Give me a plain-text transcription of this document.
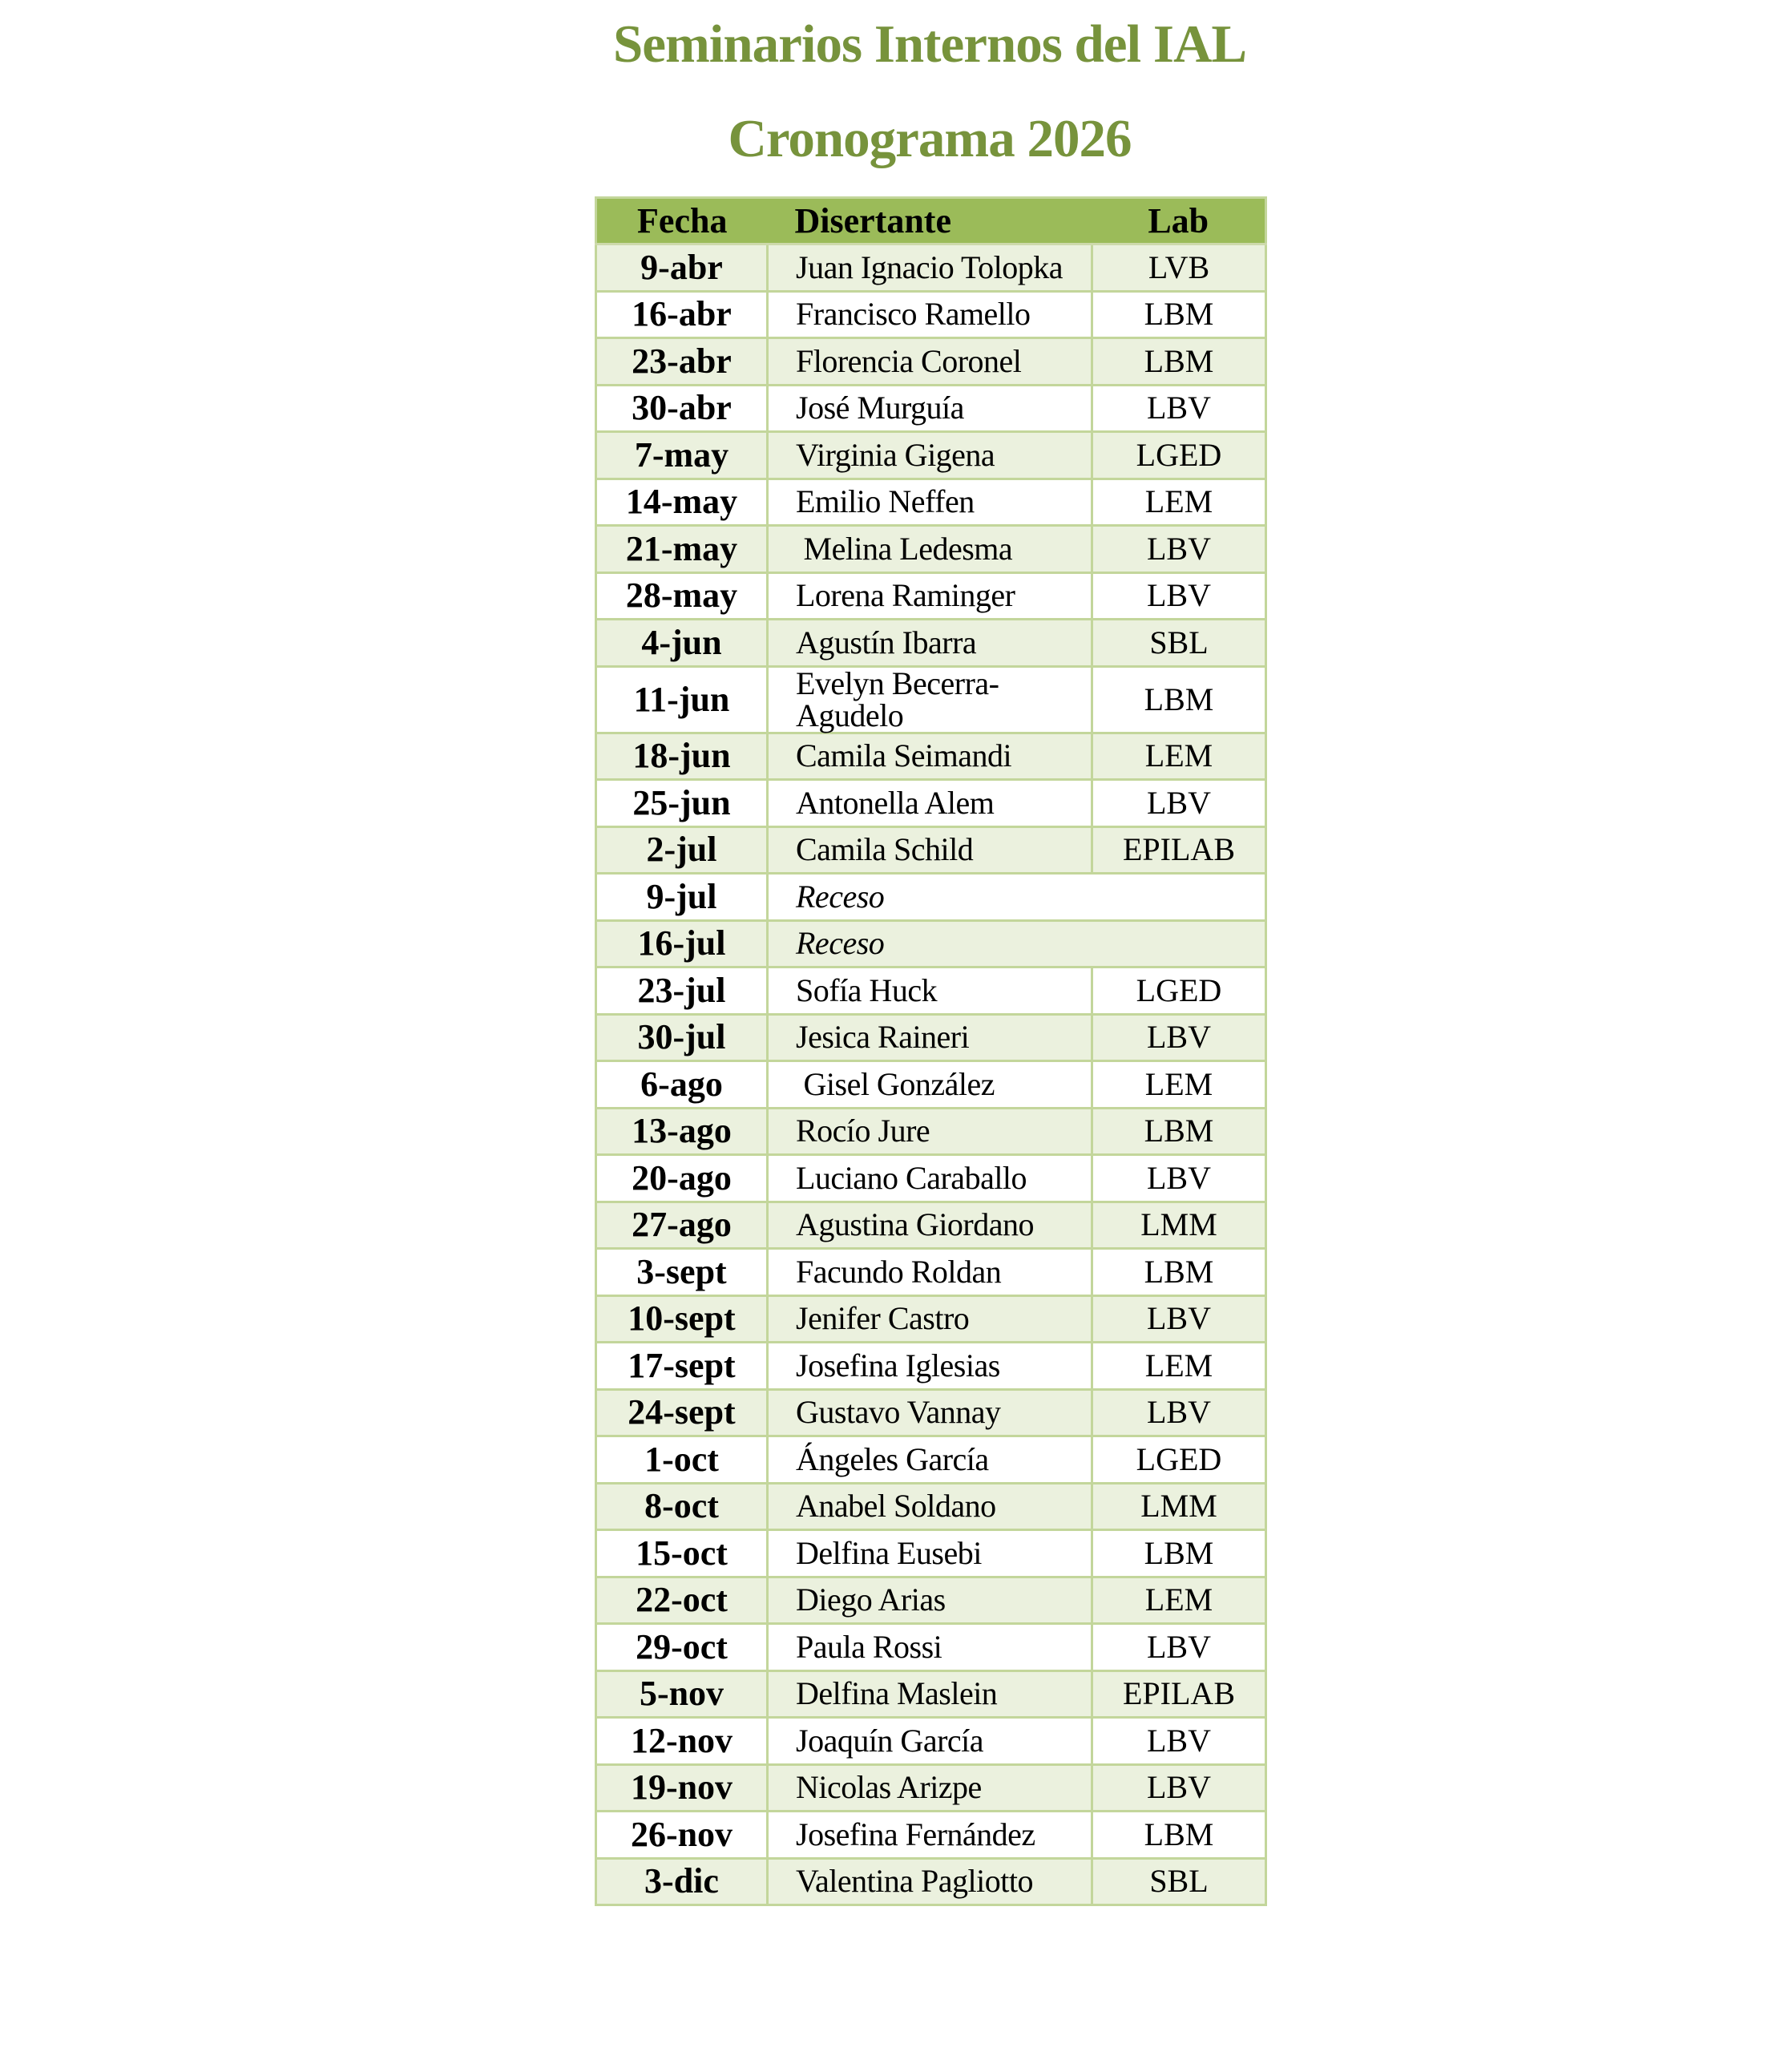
Seminarios Internos del IAL
Cronograma 2026
Fecha	Disertante	Lab
9-abr	Juan Ignacio Tolopka	LVB
16-abr	Francisco Ramello	LBM
23-abr	Florencia Coronel	LBM
30-abr	José Murguía	LBV
7-may	Virginia Gigena	LGED
14-may	Emilio Neffen	LEM
21-may	Melina Ledesma	LBV
28-may	Lorena Raminger	LBV
4-jun	Agustín Ibarra	SBL
11-jun	Evelyn Becerra-Agudelo	LBM
18-jun	Camila Seimandi	LEM
25-jun	Antonella Alem	LBV
2-jul	Camila Schild	EPILAB
9-jul	Receso	
16-jul	Receso	
23-jul	Sofía Huck	LGED
30-jul	Jesica Raineri	LBV
6-ago	Gisel González	LEM
13-ago	Rocío Jure	LBM
20-ago	Luciano Caraballo	LBV
27-ago	Agustina Giordano	LMM
3-sept	Facundo Roldan	LBM
10-sept	Jenifer Castro	LBV
17-sept	Josefina Iglesias	LEM
24-sept	Gustavo Vannay	LBV
1-oct	Ángeles García	LGED
8-oct	Anabel Soldano	LMM
15-oct	Delfina Eusebi	LBM
22-oct	Diego Arias	LEM
29-oct	Paula Rossi	LBV
5-nov	Delfina Maslein	EPILAB
12-nov	Joaquín García	LBV
19-nov	Nicolas Arizpe	LBV
26-nov	Josefina Fernández	LBM
3-dic	Valentina Pagliotto	SBL
